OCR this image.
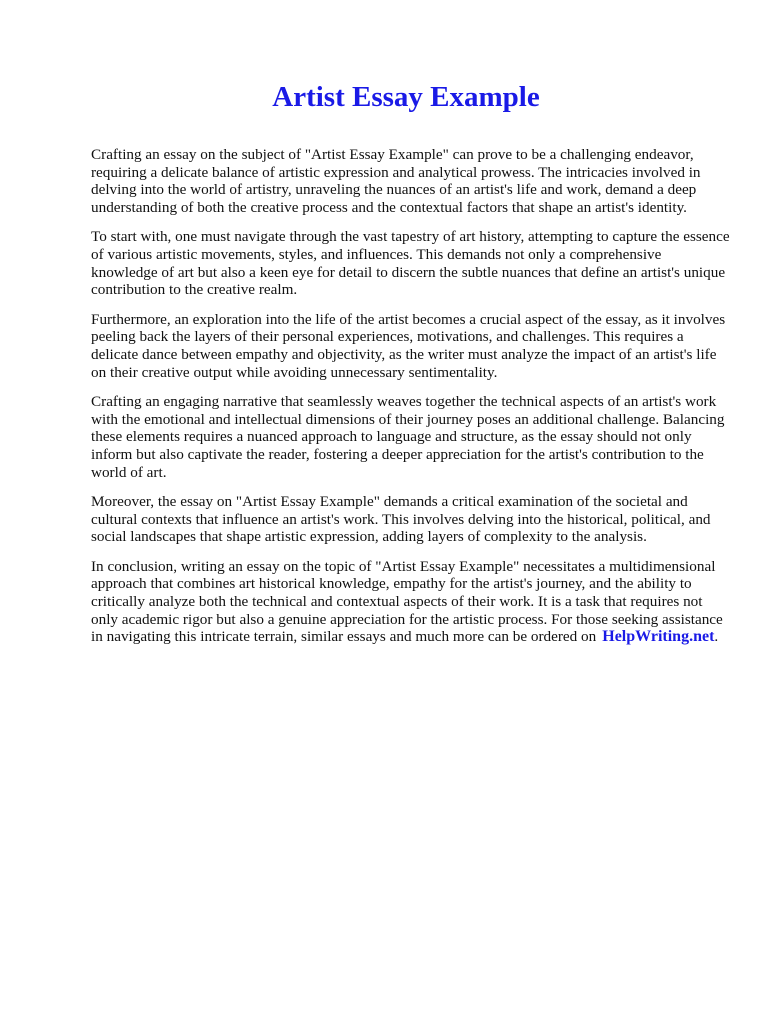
Artist Essay Example

Crafting an essay on the subject of "Artist Essay Example" can prove to be a challenging endeavor, requiring a delicate balance of artistic expression and analytical prowess. The intricacies involved in delving into the world of artistry, unraveling the nuances of an artist's life and work, demand a deep understanding of both the creative process and the contextual factors that shape an artist's identity.

To start with, one must navigate through the vast tapestry of art history, attempting to capture the essence of various artistic movements, styles, and influences. This demands not only a comprehensive knowledge of art but also a keen eye for detail to discern the subtle nuances that define an artist's unique contribution to the creative realm.

Furthermore, an exploration into the life of the artist becomes a crucial aspect of the essay, as it involves peeling back the layers of their personal experiences, motivations, and challenges. This requires a delicate dance between empathy and objectivity, as the writer must analyze the impact of an artist's life on their creative output while avoiding unnecessary sentimentality.

Crafting an engaging narrative that seamlessly weaves together the technical aspects of an artist's work with the emotional and intellectual dimensions of their journey poses an additional challenge. Balancing these elements requires a nuanced approach to language and structure, as the essay should not only inform but also captivate the reader, fostering a deeper appreciation for the artist's contribution to the world of art.

Moreover, the essay on "Artist Essay Example" demands a critical examination of the societal and cultural contexts that influence an artist's work. This involves delving into the historical, political, and social landscapes that shape artistic expression, adding layers of complexity to the analysis.

In conclusion, writing an essay on the topic of "Artist Essay Example" necessitates a multidimensional approach that combines art historical knowledge, empathy for the artist's journey, and the ability to critically analyze both the technical and contextual aspects of their work. It is a task that requires not only academic rigor but also a genuine appreciation for the artistic process. For those seeking assistance in navigating this intricate terrain, similar essays and much more can be ordered on HelpWriting.net.
